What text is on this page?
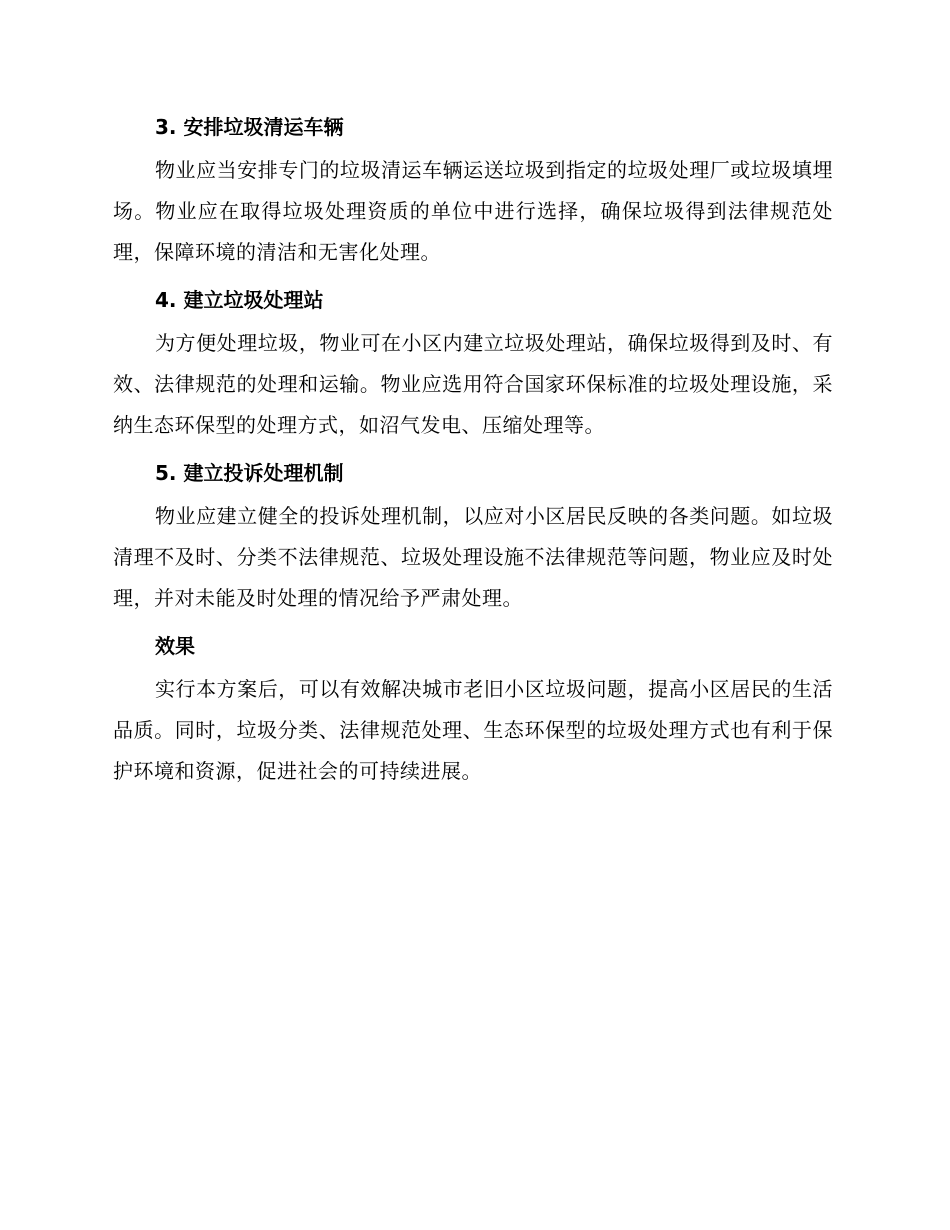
3. 安排垃圾清运车辆

物业应当安排专门的垃圾清运车辆运送垃圾到指定的垃圾处理厂或垃圾填埋场。物业应在取得垃圾处理资质的单位中进行选择，确保垃圾得到法律规范处理，保障环境的清洁和无害化处理。

4. 建立垃圾处理站

为方便处理垃圾，物业可在小区内建立垃圾处理站，确保垃圾得到及时、有效、法律规范的处理和运输。物业应选用符合国家环保标准的垃圾处理设施，采纳生态环保型的处理方式，如沼气发电、压缩处理等。

5. 建立投诉处理机制

物业应建立健全的投诉处理机制，以应对小区居民反映的各类问题。如垃圾清理不及时、分类不法律规范、垃圾处理设施不法律规范等问题，物业应及时处理，并对未能及时处理的情况给予严肃处理。

效果

实行本方案后，可以有效解决城市老旧小区垃圾问题，提高小区居民的生活品质。同时，垃圾分类、法律规范处理、生态环保型的垃圾处理方式也有利于保护环境和资源，促进社会的可持续进展。
